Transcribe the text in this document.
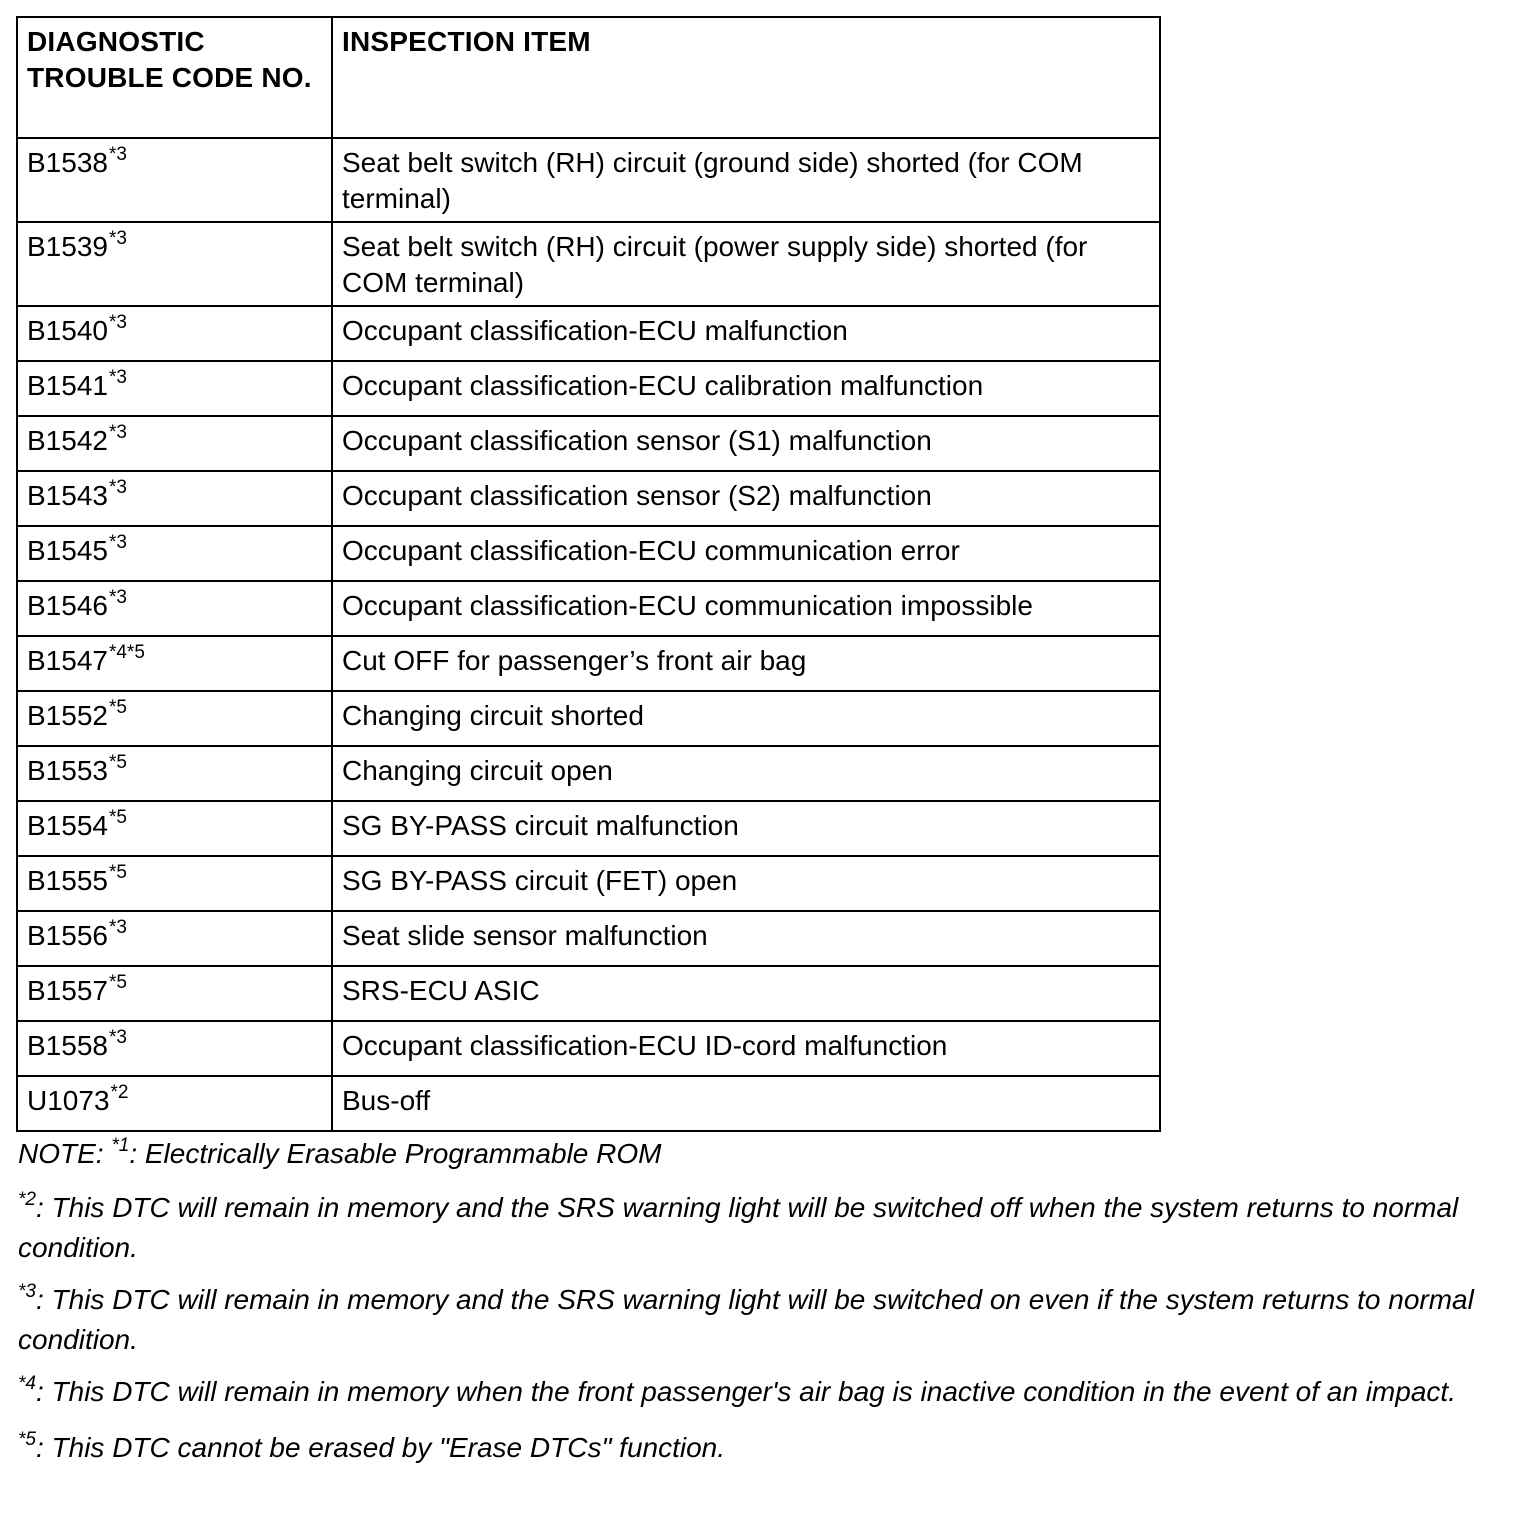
DIAGNOSTIC TROUBLE CODE NO.	INSPECTION ITEM
B1538$^{*3}$	Seat belt switch (RH) circuit (ground side) shorted (for COM terminal)
B1539$^{*3}$	Seat belt switch (RH) circuit (power supply side) shorted (for COM terminal)
B1540$^{*3}$	Occupant classification-ECU malfunction
B1541$^{*3}$	Occupant classification-ECU calibration malfunction
B1542$^{*3}$	Occupant classification sensor (S1) malfunction
B1543$^{*3}$	Occupant classification sensor (S2) malfunction
B1545$^{*3}$	Occupant classification-ECU communication error
B1546$^{*3}$	Occupant classification-ECU communication impossible
$B1547^{*4*5}$	Cut OFF for passenger’s front air bag
B1552$^{*5}$	Changing circuit shorted
B1553$^{*5}$	Changing circuit open
B1554$^{*5}$	SG BY-PASS circuit malfunction
B1555$^{*5}$	SG BY-PASS circuit (FET) open
B1556$^{*3}$	Seat slide sensor malfunction
B1557$^{*5}$	SRS-ECU ASIC
B1558$^{*3}$	Occupant classification-ECU ID-cord malfunction
U1073$^{*2}$	Bus-off

NOTE: $^{*1}$: Electrically Erasable Programmable ROM

$^{*2}$: This DTC will remain in memory and the SRS warning light will be switched off when the system returns to normal condition.

$^{*3}$: This DTC will remain in memory and the SRS warning light will be switched on even if the system returns to normal condition.

$^{*4}$: This DTC will remain in memory when the front passenger's air bag is inactive condition in the event of an impact.

$^{*5}$: This DTC cannot be erased by "Erase DTCs" function.
